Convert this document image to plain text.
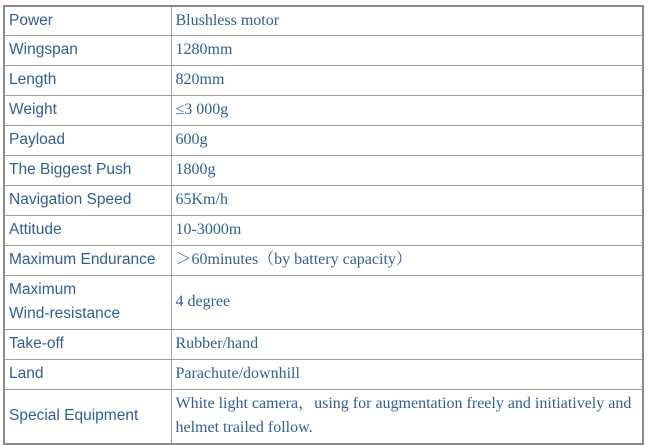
Power	Blushless motor
Wingspan	1280mm
Length	820mm
Weight	≤3 000g
Payload	600g
The Biggest Push	1800g
Navigation Speed	65Km/h
Attitude	10-3000m
Maximum Endurance	＞60minutes（by battery capacity）
Maximum
Wind-resistance	4 degree
Take-off	Rubber/hand
Land	Parachute/downhill
Special Equipment	White light camera，using for augmentation freely and initiatively and helmet trailed follow.
